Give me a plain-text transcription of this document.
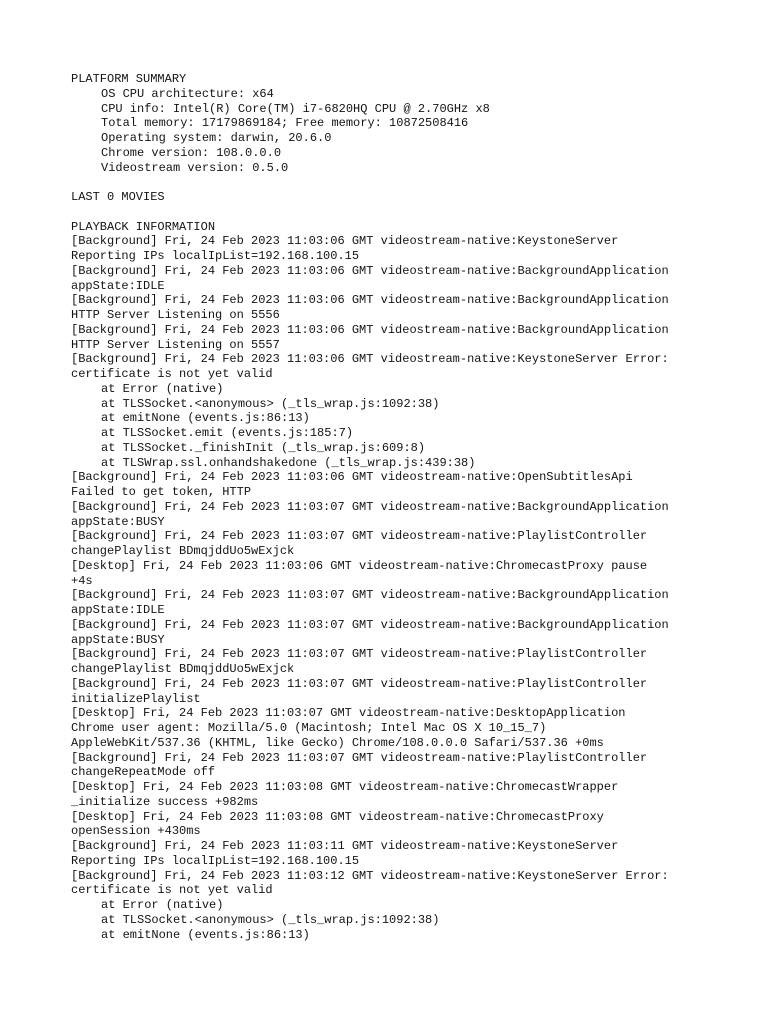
PLATFORM SUMMARY
OS CPU architecture: x64
CPU info: Intel(R) Core(TM) i7-6820HQ CPU @ 2.70GHz x8
Total memory: 17179869184; Free memory: 10872508416
Operating system: darwin, 20.6.0
Chrome version: 108.0.0.0
Videostream version: 0.5.0
LAST 0 MOVIES
PLAYBACK INFORMATION
[Background] Fri, 24 Feb 2023 11:03:06 GMT videostream-native:KeystoneServer
Reporting IPs localIpList=192.168.100.15
[Background] Fri, 24 Feb 2023 11:03:06 GMT videostream-native:BackgroundApplication
appState:IDLE
[Background] Fri, 24 Feb 2023 11:03:06 GMT videostream-native:BackgroundApplication
HTTP Server Listening on 5556
[Background] Fri, 24 Feb 2023 11:03:06 GMT videostream-native:BackgroundApplication
HTTP Server Listening on 5557
[Background] Fri, 24 Feb 2023 11:03:06 GMT videostream-native:KeystoneServer Error:
certificate is not yet valid
at Error (native)
at TLSSocket.<anonymous> (_tls_wrap.js:1092:38)
at emitNone (events.js:86:13)
at TLSSocket.emit (events.js:185:7)
at TLSSocket._finishInit (_tls_wrap.js:609:8)
at TLSWrap.ssl.onhandshakedone (_tls_wrap.js:439:38)
[Background] Fri, 24 Feb 2023 11:03:06 GMT videostream-native:OpenSubtitlesApi
Failed to get token, HTTP
[Background] Fri, 24 Feb 2023 11:03:07 GMT videostream-native:BackgroundApplication
appState:BUSY
[Background] Fri, 24 Feb 2023 11:03:07 GMT videostream-native:PlaylistController
changePlaylist BDmqjddUo5wExjck
[Desktop] Fri, 24 Feb 2023 11:03:06 GMT videostream-native:ChromecastProxy pause
+4s
[Background] Fri, 24 Feb 2023 11:03:07 GMT videostream-native:BackgroundApplication
appState:IDLE
[Background] Fri, 24 Feb 2023 11:03:07 GMT videostream-native:BackgroundApplication
appState:BUSY
[Background] Fri, 24 Feb 2023 11:03:07 GMT videostream-native:PlaylistController
changePlaylist BDmqjddUo5wExjck
[Background] Fri, 24 Feb 2023 11:03:07 GMT videostream-native:PlaylistController
initializePlaylist
[Desktop] Fri, 24 Feb 2023 11:03:07 GMT videostream-native:DesktopApplication
Chrome user agent: Mozilla/5.0 (Macintosh; Intel Mac OS X 10_15_7)
AppleWebKit/537.36 (KHTML, like Gecko) Chrome/108.0.0.0 Safari/537.36 +0ms
[Background] Fri, 24 Feb 2023 11:03:07 GMT videostream-native:PlaylistController
changeRepeatMode off
[Desktop] Fri, 24 Feb 2023 11:03:08 GMT videostream-native:ChromecastWrapper
_initialize success +982ms
[Desktop] Fri, 24 Feb 2023 11:03:08 GMT videostream-native:ChromecastProxy
openSession +430ms
[Background] Fri, 24 Feb 2023 11:03:11 GMT videostream-native:KeystoneServer
Reporting IPs localIpList=192.168.100.15
[Background] Fri, 24 Feb 2023 11:03:12 GMT videostream-native:KeystoneServer Error:
certificate is not yet valid
at Error (native)
at TLSSocket.<anonymous> (_tls_wrap.js:1092:38)
at emitNone (events.js:86:13)
